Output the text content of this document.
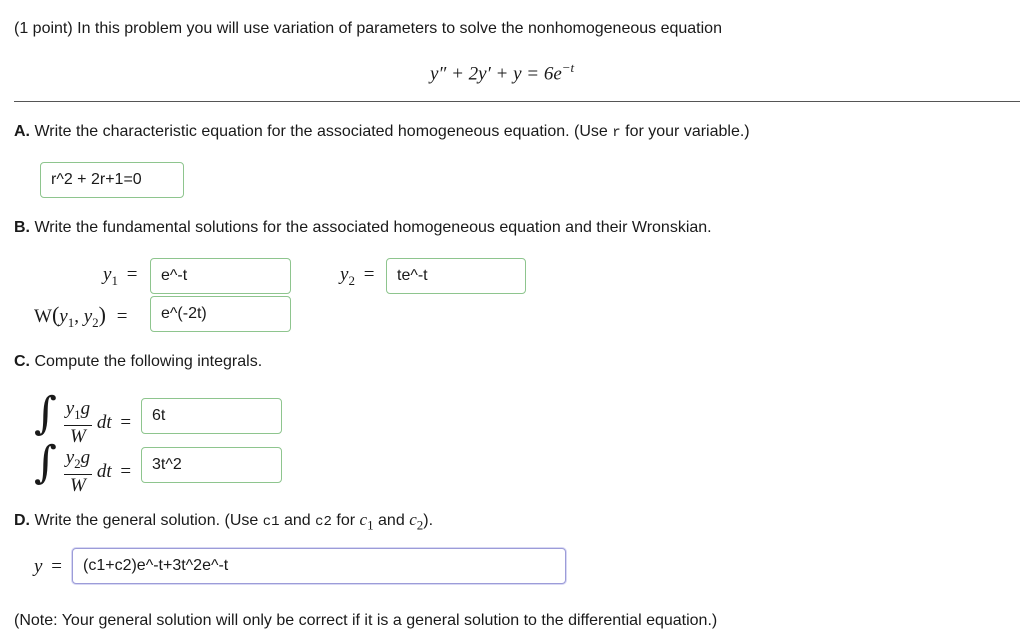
(1 point) In this problem you will use variation of parameters to solve the nonhomogeneous equation
$y'' + 2y' + y = 6e^{-t}$
A. Write the characteristic equation for the associated homogeneous equation. (Use r for your variable.)
r^2 + 2r+1=0
B. Write the fundamental solutions for the associated homogeneous equation and their Wronskian.
$y_1$ =	e^-t	$y_2$ =	te^-t
$W(y_1$, $y_2$) =	e^(-2t)
C. Compute the following integrals.
∫ $\frac{y_1g}{W}$ dt =	6t
∫ $\frac{y_2g}{W}$ dt =	3t^2
D. Write the general solution. (Use c1 and c2 for $c_1$ and $c_2$).
y =	(c1+c2)e^-t+3t^2e^-t
(Note: Your general solution will only be correct if it is a general solution to the differential equation.)
